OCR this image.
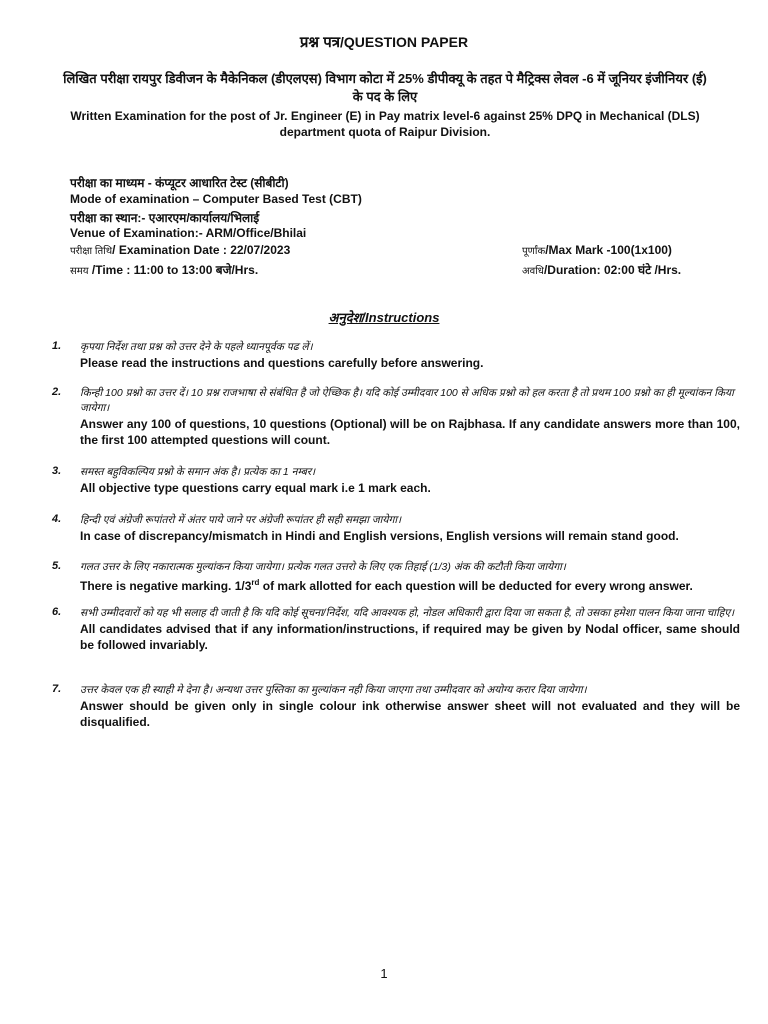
प्रश्न पत्र/QUESTION PAPER
लिखित परीक्षा रायपुर डिवीजन के मैकेनिकल (डीएलएस) विभाग कोटा में 25% डीपीक्यू के तहत पे मैट्रिक्स लेवल -6 में जूनियर इंजीनियर (ई) के पद के लिए
Written Examination for the post of Jr. Engineer (E) in Pay matrix level-6 against 25% DPQ in Mechanical (DLS) department quota of Raipur Division.
परीक्षा का माध्यम - कंप्यूटर आधारित टेस्ट (सीबीटी)
Mode of examination – Computer Based Test (CBT)
परीक्षा का स्थान:- एआरएम/कार्यालय/भिलाई
Venue of Examination:- ARM/Office/Bhilai
परीक्षा तिथि/ Examination Date : 22/07/2023
समय /Time : 11:00 to 13:00 बजे/Hrs.
पूर्णांक/Max Mark -100(1x100)
अवधि/Duration: 02:00 घंटे /Hrs.
अनुदेश/Instructions
1. कृपया निर्देश तथा प्रश्न को उत्तर देने के पहले ध्यानपूर्वक पढ लें।
Please read the instructions and questions carefully before answering.
2. किन्ही 100 प्रश्नो का उत्तर दें। 10 प्रश्न राजभाषा से संबंधित है जो ऐच्छिक है। यदि कोई उम्मीदवार 100 से अधिक प्रश्नो को हल करता है तो प्रथम 100 प्रश्नो का ही मूल्यांकन किया जायेगा।
Answer any 100 of questions, 10 questions (Optional) will be on Rajbhasa. If any candidate answers more than 100, the first 100 attempted questions will count.
3. समस्त बहुविकल्पिय प्रश्नो के समान अंक है। प्रत्येक का 1 नम्बर।
All objective type questions carry equal mark i.e 1 mark each.
4. हिन्दी एवं अंग्रेजी रूपांतरो में अंतर पाये जाने पर अंग्रेजी रूपांतर ही सही समझा जायेगा।
In case of discrepancy/mismatch in Hindi and English versions, English versions will remain stand good.
5. गलत उत्तर के लिए नकारात्मक मुल्यांकन किया जायेगा। प्रत्येक गलत उत्तरो के लिए एक तिहाई (1/3) अंक की कटौती किया जायेगा।
There is negative marking. 1/3rd of mark allotted for each question will be deducted for every wrong answer.
6. सभी उम्मीदवारों को यह भी सलाह दी जाती है कि यदि कोई सूचना/निर्देश, यदि आवश्यक हो, नोडल अधिकारी द्वारा दिया जा सकता है, तो उसका हमेशा पालन किया जाना चाहिए।
All candidates advised that if any information/instructions, if required may be given by Nodal officer, same should be followed invariably.
7. उत्तर केवल एक ही स्याही मे देना है। अन्यथा उत्तर पुस्तिका का मुल्यांकन नही किया जाएगा तथा उम्मीदवार को अयोग्य करार दिया जायेगा।
Answer should be given only in single colour ink otherwise answer sheet will not evaluated and they will be disqualified.
1
